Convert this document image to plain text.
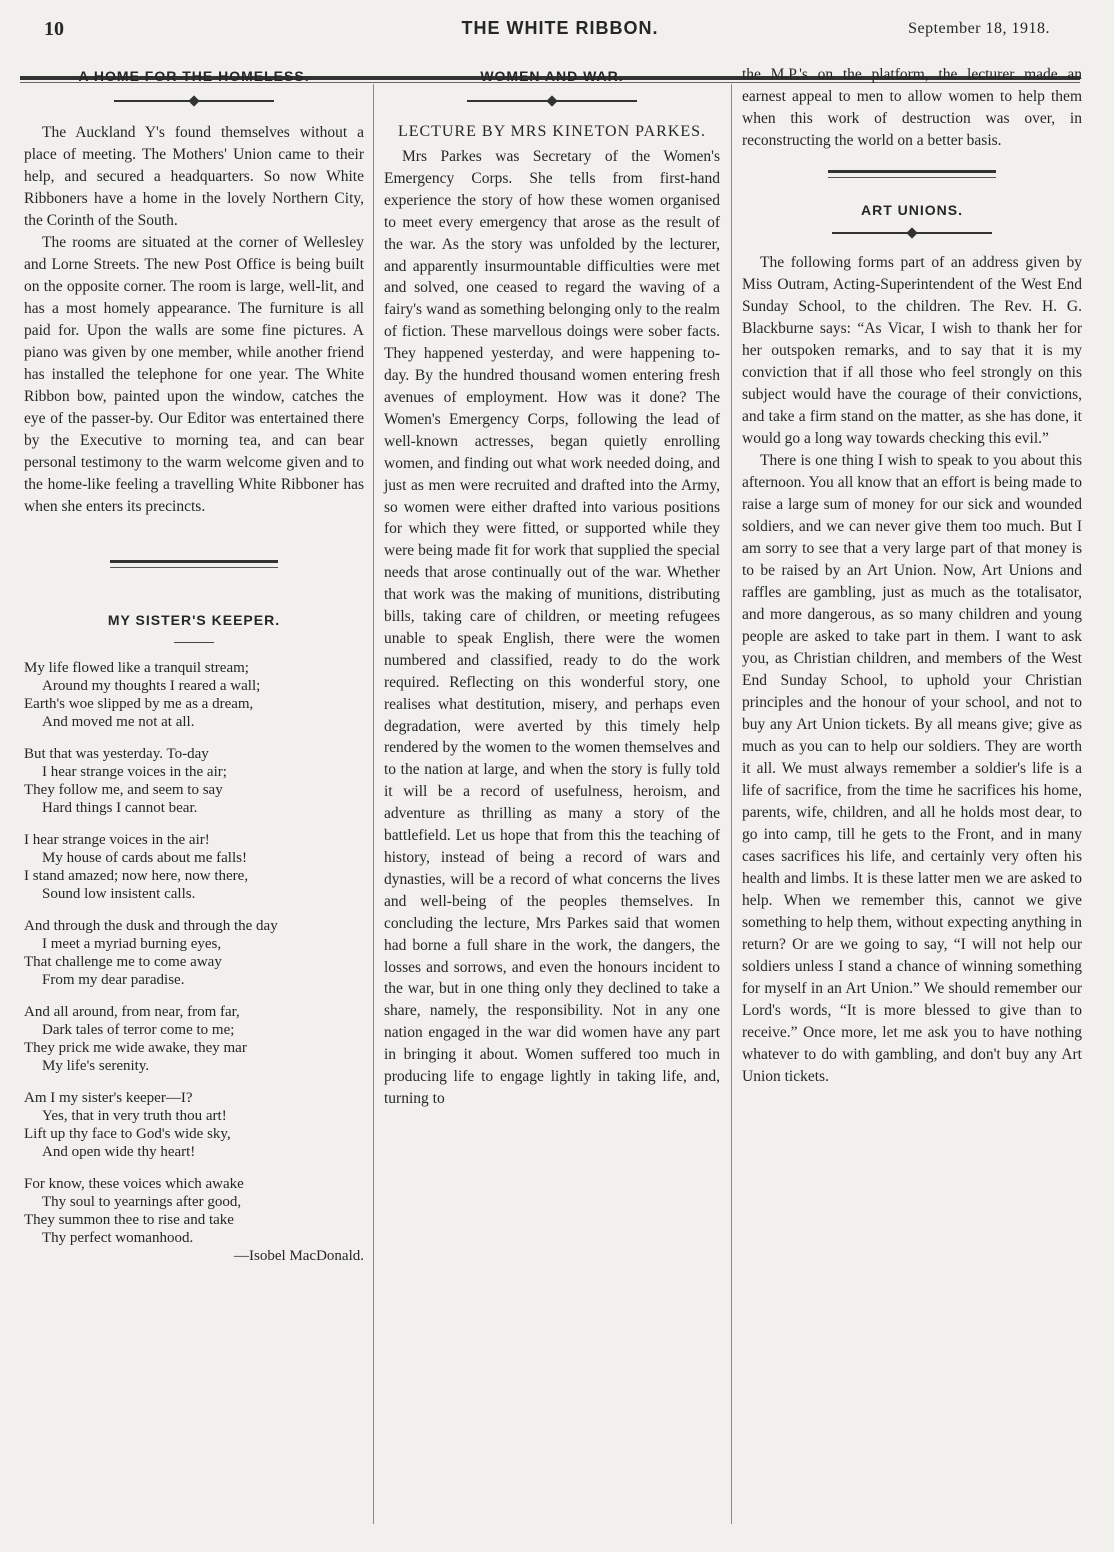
10	THE WHITE RIBBON.	September 18, 1918.
A HOME FOR THE HOMELESS.

The Auckland Y's found themselves without a place of meeting. The Mothers' Union came to their help, and secured a headquarters. So now White Ribboners have a home in the lovely Northern City, the Corinth of the South.

The rooms are situated at the corner of Wellesley and Lorne Streets. The new Post Office is being built on the opposite corner. The room is large, well-lit, and has a most homely appearance. The furniture is all paid for. Upon the walls are some fine pictures. A piano was given by one member, while another friend has installed the telephone for one year. The White Ribbon bow, painted upon the window, catches the eye of the passer-by. Our Editor was entertained there by the Executive to morning tea, and can bear personal testimony to the warm welcome given and to the home-like feeling a travelling White Ribboner has when she enters its precincts.

MY SISTER'S KEEPER.
My life flowed like a tranquil stream;
Around my thoughts I reared a wall;
Earth's woe slipped by me as a dream,
And moved me not at all.
But that was yesterday. To-day
I hear strange voices in the air;
They follow me, and seem to say
Hard things I cannot bear.
I hear strange voices in the air!
My house of cards about me falls!
I stand amazed; now here, now there,
Sound low insistent calls.
And through the dusk and through the day
I meet a myriad burning eyes,
That challenge me to come away
From my dear paradise.
And all around, from near, from far,
Dark tales of terror come to me;
They prick me wide awake, they mar
My life's serenity.
Am I my sister's keeper—I?
Yes, that in very truth thou art!
Lift up thy face to God's wide sky,
And open wide thy heart!
For know, these voices which awake
Thy soul to yearnings after good,
They summon thee to rise and take
Thy perfect womanhood.
—Isobel MacDonald.
WOMEN AND WAR.
LECTURE BY MRS KINETON PARKES.

Mrs Parkes was Secretary of the Women's Emergency Corps. She tells from first-hand experience the story of how these women organised to meet every emergency that arose as the result of the war. As the story was unfolded by the lecturer, and apparently insurmountable difficulties were met and solved, one ceased to regard the waving of a fairy's wand as something belonging only to the realm of fiction. These marvellous doings were sober facts. They happened yesterday, and were happening to-day. By the hundred thousand women entering fresh avenues of employment. How was it done? The Women's Emergency Corps, following the lead of well-known actresses, began quietly enrolling women, and finding out what work needed doing, and just as men were recruited and drafted into the Army, so women were either drafted into various positions for which they were fitted, or supported while they were being made fit for work that supplied the special needs that arose continually out of the war. Whether that work was the making of munitions, distributing bills, taking care of children, or meeting refugees unable to speak English, there were the women numbered and classified, ready to do the work required. Reflecting on this wonderful story, one realises what destitution, misery, and perhaps even degradation, were averted by this timely help rendered by the women to the women themselves and to the nation at large, and when the story is fully told it will be a record of usefulness, heroism, and adventure as thrilling as many a story of the battlefield. Let us hope that from this the teaching of history, instead of being a record of wars and dynasties, will be a record of what concerns the lives and well-being of the peoples themselves. In concluding the lecture, Mrs Parkes said that women had borne a full share in the work, the dangers, the losses and sorrows, and even the honours incident to the war, but in one thing only they declined to take a share, namely, the responsibility. Not in any one nation engaged in the war did women have any part in bringing it about. Women suffered too much in producing life to engage lightly in taking life, and, turning to

the M.P.'s on the platform, the lecturer made an earnest appeal to men to allow women to help them when this work of destruction was over, in reconstructing the world on a better basis.

ART UNIONS.

The following forms part of an address given by Miss Outram, Acting-Superintendent of the West End Sunday School, to the children. The Rev. H. G. Blackburne says: “As Vicar, I wish to thank her for her outspoken remarks, and to say that it is my conviction that if all those who feel strongly on this subject would have the courage of their convictions, and take a firm stand on the matter, as she has done, it would go a long way towards checking this evil.”

There is one thing I wish to speak to you about this afternoon. You all know that an effort is being made to raise a large sum of money for our sick and wounded soldiers, and we can never give them too much. But I am sorry to see that a very large part of that money is to be raised by an Art Union. Now, Art Unions and raffles are gambling, just as much as the totalisator, and more dangerous, as so many children and young people are asked to take part in them. I want to ask you, as Christian children, and members of the West End Sunday School, to uphold your Christian principles and the honour of your school, and not to buy any Art Union tickets. By all means give; give as much as you can to help our soldiers. They are worth it all. We must always remember a soldier's life is a life of sacrifice, from the time he sacrifices his home, parents, wife, children, and all he holds most dear, to go into camp, till he gets to the Front, and in many cases sacrifices his life, and certainly very often his health and limbs. It is these latter men we are asked to help. When we remember this, cannot we give something to help them, without expecting anything in return? Or are we going to say, “I will not help our soldiers unless I stand a chance of winning something for myself in an Art Union.” We should remember our Lord's words, “It is more blessed to give than to receive.” Once more, let me ask you to have nothing whatever to do with gambling, and don't buy any Art Union tickets.
